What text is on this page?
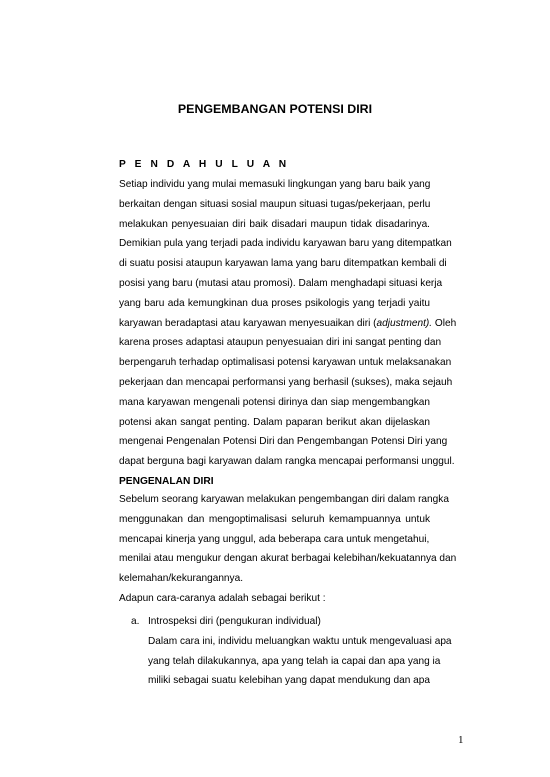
PENGEMBANGAN POTENSI DIRI
P E N D A H U L U A N
Setiap individu yang mulai memasuki lingkungan yang baru baik yang
berkaitan dengan situasi sosial maupun situasi tugas/pekerjaan, perlu
melakukan penyesuaian diri baik disadari maupun tidak disadarinya.
Demikian pula yang terjadi pada individu karyawan baru yang ditempatkan
di suatu posisi ataupun karyawan lama yang baru ditempatkan kembali di
posisi yang baru (mutasi atau promosi). Dalam menghadapi situasi kerja
yang baru ada kemungkinan dua proses psikologis yang terjadi yaitu
karyawan beradaptasi atau karyawan menyesuaikan diri (adjustment). Oleh
karena proses adaptasi ataupun penyesuaian diri ini sangat penting dan
berpengaruh terhadap optimalisasi potensi karyawan untuk melaksanakan
pekerjaan dan mencapai performansi yang berhasil (sukses), maka sejauh
mana karyawan mengenali potensi dirinya dan siap mengembangkan
potensi akan sangat penting. Dalam paparan berikut akan dijelaskan
mengenai Pengenalan Potensi Diri dan Pengembangan Potensi Diri yang
dapat berguna bagi karyawan dalam rangka mencapai performansi unggul.
PENGENALAN DIRI
Sebelum seorang karyawan melakukan pengembangan diri dalam rangka
menggunakan dan mengoptimalisasi seluruh kemampuannya untuk
mencapai kinerja yang unggul, ada beberapa cara untuk mengetahui,
menilai atau mengukur dengan akurat berbagai kelebihan/kekuatannya dan
kelemahan/kekurangannya.
Adapun cara-caranya adalah sebagai berikut :

a. Introspeksi diri (pengukuran individual)
Dalam cara ini, individu meluangkan waktu untuk mengevaluasi apa
yang telah dilakukannya, apa yang telah ia capai dan apa yang ia
miliki sebagai suatu kelebihan yang dapat mendukung dan apa

1
